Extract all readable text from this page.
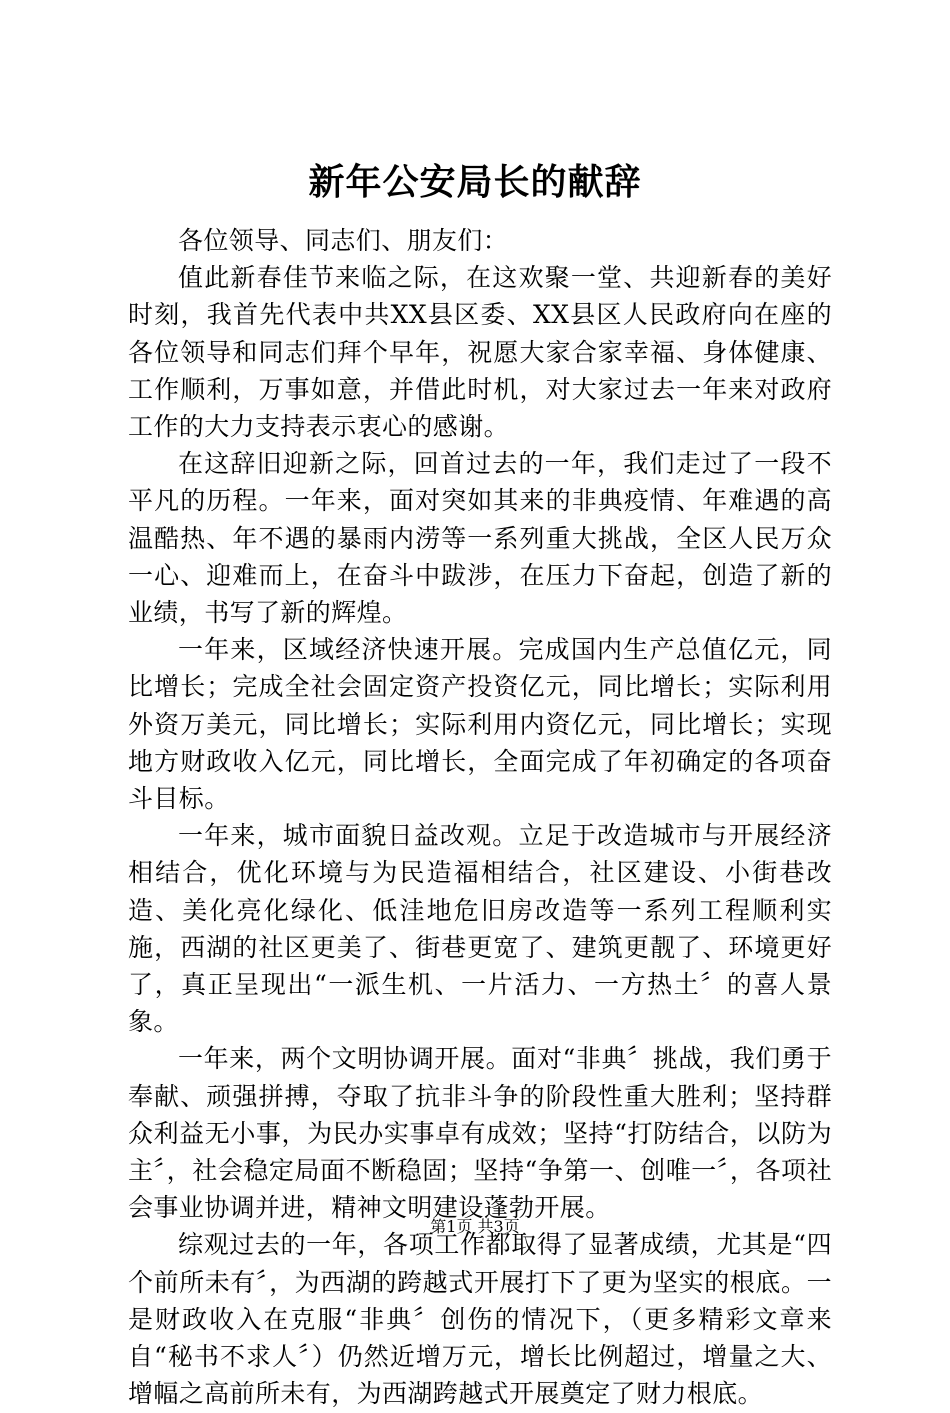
新年公安局长的献辞

各位领导、同志们、朋友们：

值此新春佳节来临之际，在这欢聚一堂、共迎新春的美好时刻，我首先代表中共XX县区委、XX县区人民政府向在座的各位领导和同志们拜个早年，祝愿大家合家幸福、身体健康、工作顺利，万事如意，并借此时机，对大家过去一年来对政府工作的大力支持表示衷心的感谢。

在这辞旧迎新之际，回首过去的一年，我们走过了一段不平凡的历程。一年来，面对突如其来的非典疫情、年难遇的高温酷热、年不遇的暴雨内涝等一系列重大挑战，全区人民万众一心、迎难而上，在奋斗中跋涉，在压力下奋起，创造了新的业绩，书写了新的辉煌。

一年来，区域经济快速开展。完成国内生产总值亿元，同比增长；完成全社会固定资产投资亿元，同比增长；实际利用外资万美元，同比增长；实际利用内资亿元，同比增长；实现地方财政收入亿元，同比增长，全面完成了年初确定的各项奋斗目标。

一年来，城市面貌日益改观。立足于改造城市与开展经济相结合，优化环境与为民造福相结合，社区建设、小街巷改造、美化亮化绿化、低洼地危旧房改造等一系列工程顺利实施，西湖的社区更美了、街巷更宽了、建筑更靓了、环境更好了，真正呈现出“一派生机、一片活力、一方热土〞的喜人景象。

一年来，两个文明协调开展。面对“非典〞挑战，我们勇于奉献、顽强拼搏，夺取了抗非斗争的阶段性重大胜利；坚持群众利益无小事，为民办实事卓有成效；坚持“打防结合，以防为主〞，社会稳定局面不断稳固；坚持“争第一、创唯一〞，各项社会事业协调并进，精神文明建设蓬勃开展。

综观过去的一年，各项工作都取得了显著成绩，尤其是“四个前所未有〞，为西湖的跨越式开展打下了更为坚实的根底。一是财政收入在克服“非典〞创伤的情况下，（更多精彩文章来自“秘书不求人〞）仍然近增万元，增长比例超过，增量之大、增幅之高前所未有，为西湖跨越式开展奠定了财力根底。

第1页 共3页
